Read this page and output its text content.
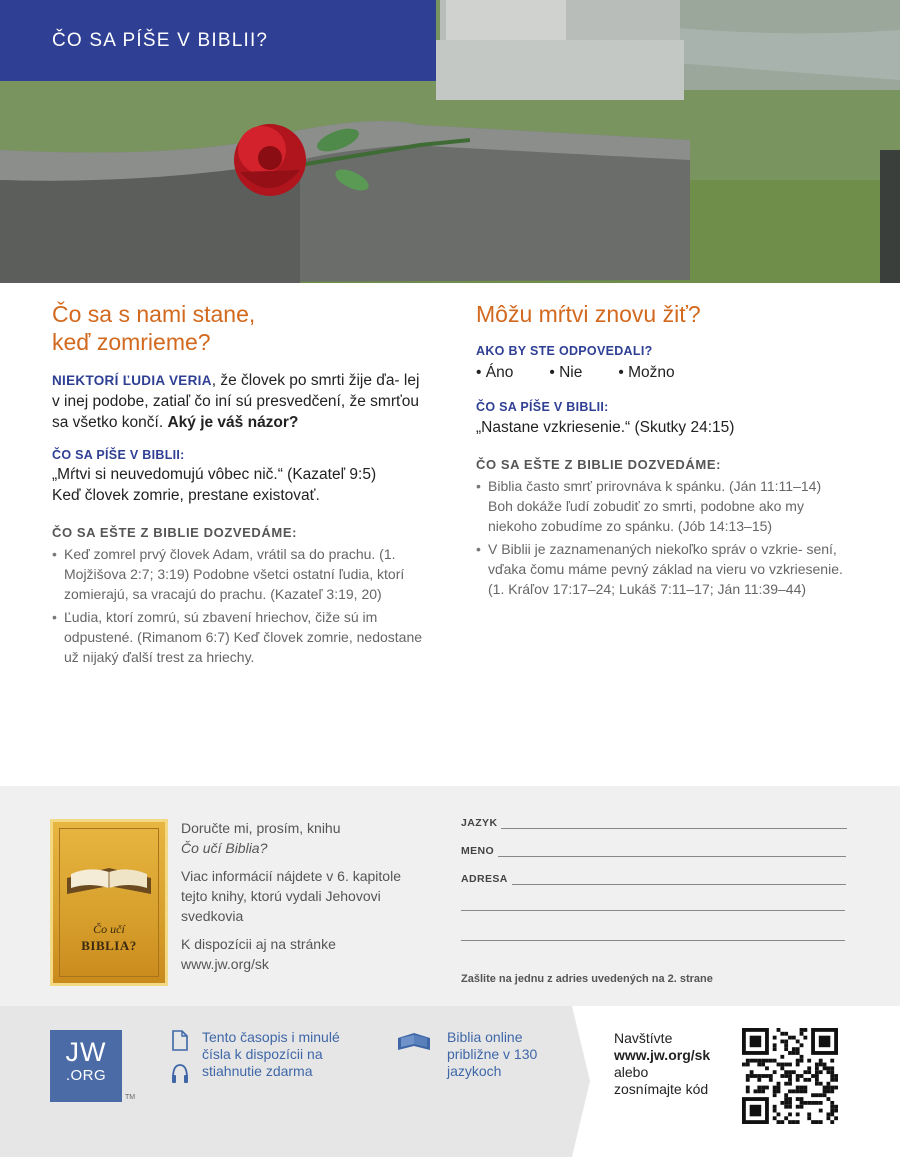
ČO SA PÍŠE V BIBLII?
Čo sa s nami stane,
keď zomrieme?

NIEKTORÍ ĽUDIA VERIA, že človek po smrti žije ďa- lej v inej podobe, zatiaľ čo iní sú presvedčení, že smrťou sa všetko končí. Aký je váš názor?

ČO SA PÍŠE V BIBLII:

„Mŕtvi si neuvedomujú vôbec nič.“ (Kazateľ 9:5) Keď človek zomrie, prestane existovať.

ČO SA EŠTE Z BIBLIE DOZVEDÁME:
• Keď zomrel prvý človek Adam, vrátil sa do prachu. (1. Mojžišova 2:7; 3:19) Podobne všetci ostatní ľudia, ktorí zomierajú, sa vracajú do prachu. (Kazateľ 3:19, 20)
• Ľudia, ktorí zomrú, sú zbavení hriechov, čiže sú im odpustené. (Rimanom 6:7) Keď človek zomrie, nedostane už nijaký ďalší trest za hriechy.
Môžu mŕtvi znovu žiť?
AKO BY STE ODPOVEDALI?
• Áno	• Nie	• Možno
ČO SA PÍŠE V BIBLII:

„Nastane vzkriesenie.“ (Skutky 24:15)

ČO SA EŠTE Z BIBLIE DOZVEDÁME:
• Biblia často smrť prirovnáva k spánku. (Ján 11:11–14) Boh dokáže ľudí zobudiť zo smrti, podobne ako my niekoho zobudíme zo spánku. (Jób 14:13–15)
• V Biblii je zaznamenaných niekoľko správ o vzkrie- sení, vďaka čomu máme pevný základ na vieru vo vzkriesenie. (1. Kráľov 17:17–24; Lukáš 7:11–17; Ján 11:39–44)
Čo učí
BIBLIA?

Doručte mi, prosím, knihu
Čo učí Biblia?

Viac informácií nájdete v 6. kapitole tejto knihy, ktorú vydali Jehovovi svedkovia

K dispozícii aj na stránke www.jw.org/sk

JAZYK
MENO
ADRESA
Zašlite na jednu z adries uvedených na 2. strane
JW
.ORG
TM
Tento časopis i minulé čísla k dispozícii na stiahnutie zdarma
Biblia online približne v 130 jazykoch
Navštívte
www.jw.org/sk
alebo
zosnímajte kód
